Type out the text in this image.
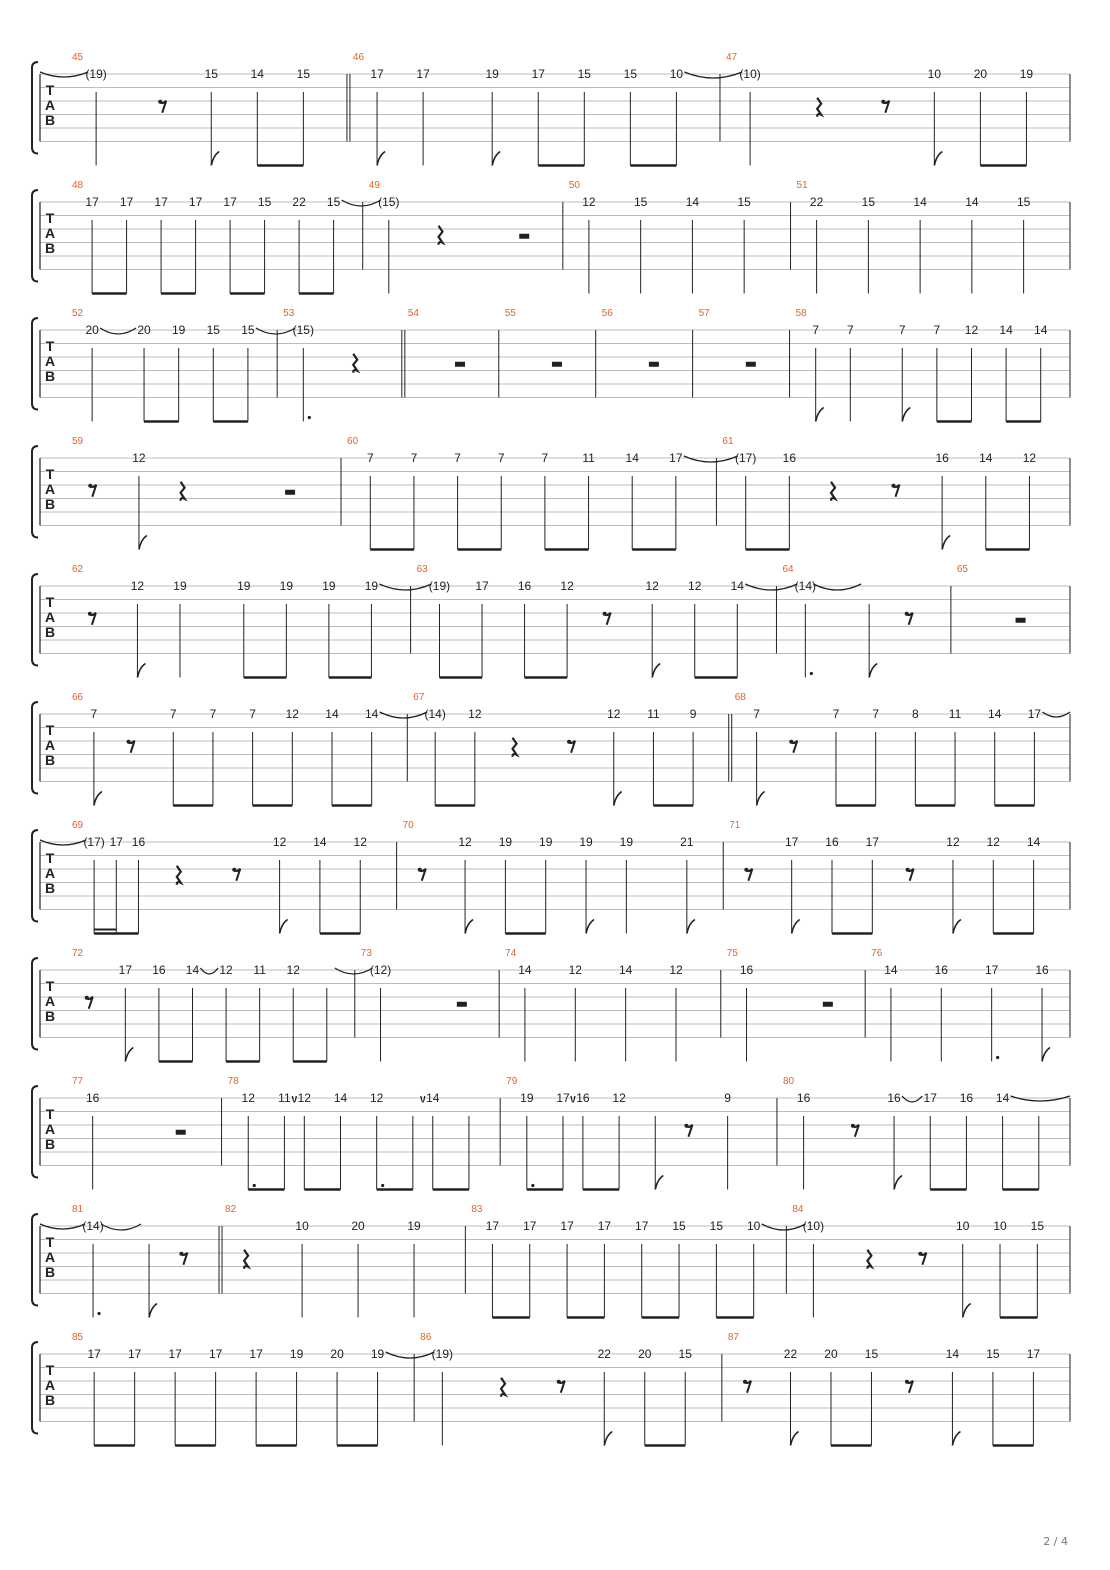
T
A
B
45
(19)	15	14	15
46
17	17	19	17	15	15	10
47
(10)	10	20	19
T
A
B
48
17 17 17 17 17 15 22 15
49
(15)
50
12	15	14	15
51
22	15	14	14	15
T
A
B
52
20	20 19 15 15
53
(15)
54	55	56	57	58
7 7	7 7 12 14 14
T
A
B
59
12
60
7	7	7	7	7	11	14	17
61
(17) 16	16	14	12
T
A
B
62
12 19	19 19 19 19
63
(19) 17 16 12	12 12 14
64
(14)
65
T
A
B
66
7	7	7	7 12 14 14
67
(14) 12	12 11	9
68
7	7	7	8	11 14 17
T
A
B
69
(17) 17 16	12 14 12
70
12 19 19 19 19	21
71
17 16 17	12 12 14
T
A
B
72
17 16 14 12 11 12
73
(12)
74
14	12	14	12
75
16
76
14	16	17	16
T
A
B
77
16
78
12 11 12 14 12	14
79
19 17 16 12	9
80
16	16 17 16 14
T
A
B
81
(14)
82
10	20	19
83
17 17 17 17 17 15 15 10
84
(10)	10 10 15
T
A
B
85
17 17 17 17 17 19 20 19
86
(19)	22 20 15
87
22 20 15	14 15 17
2 / 4
